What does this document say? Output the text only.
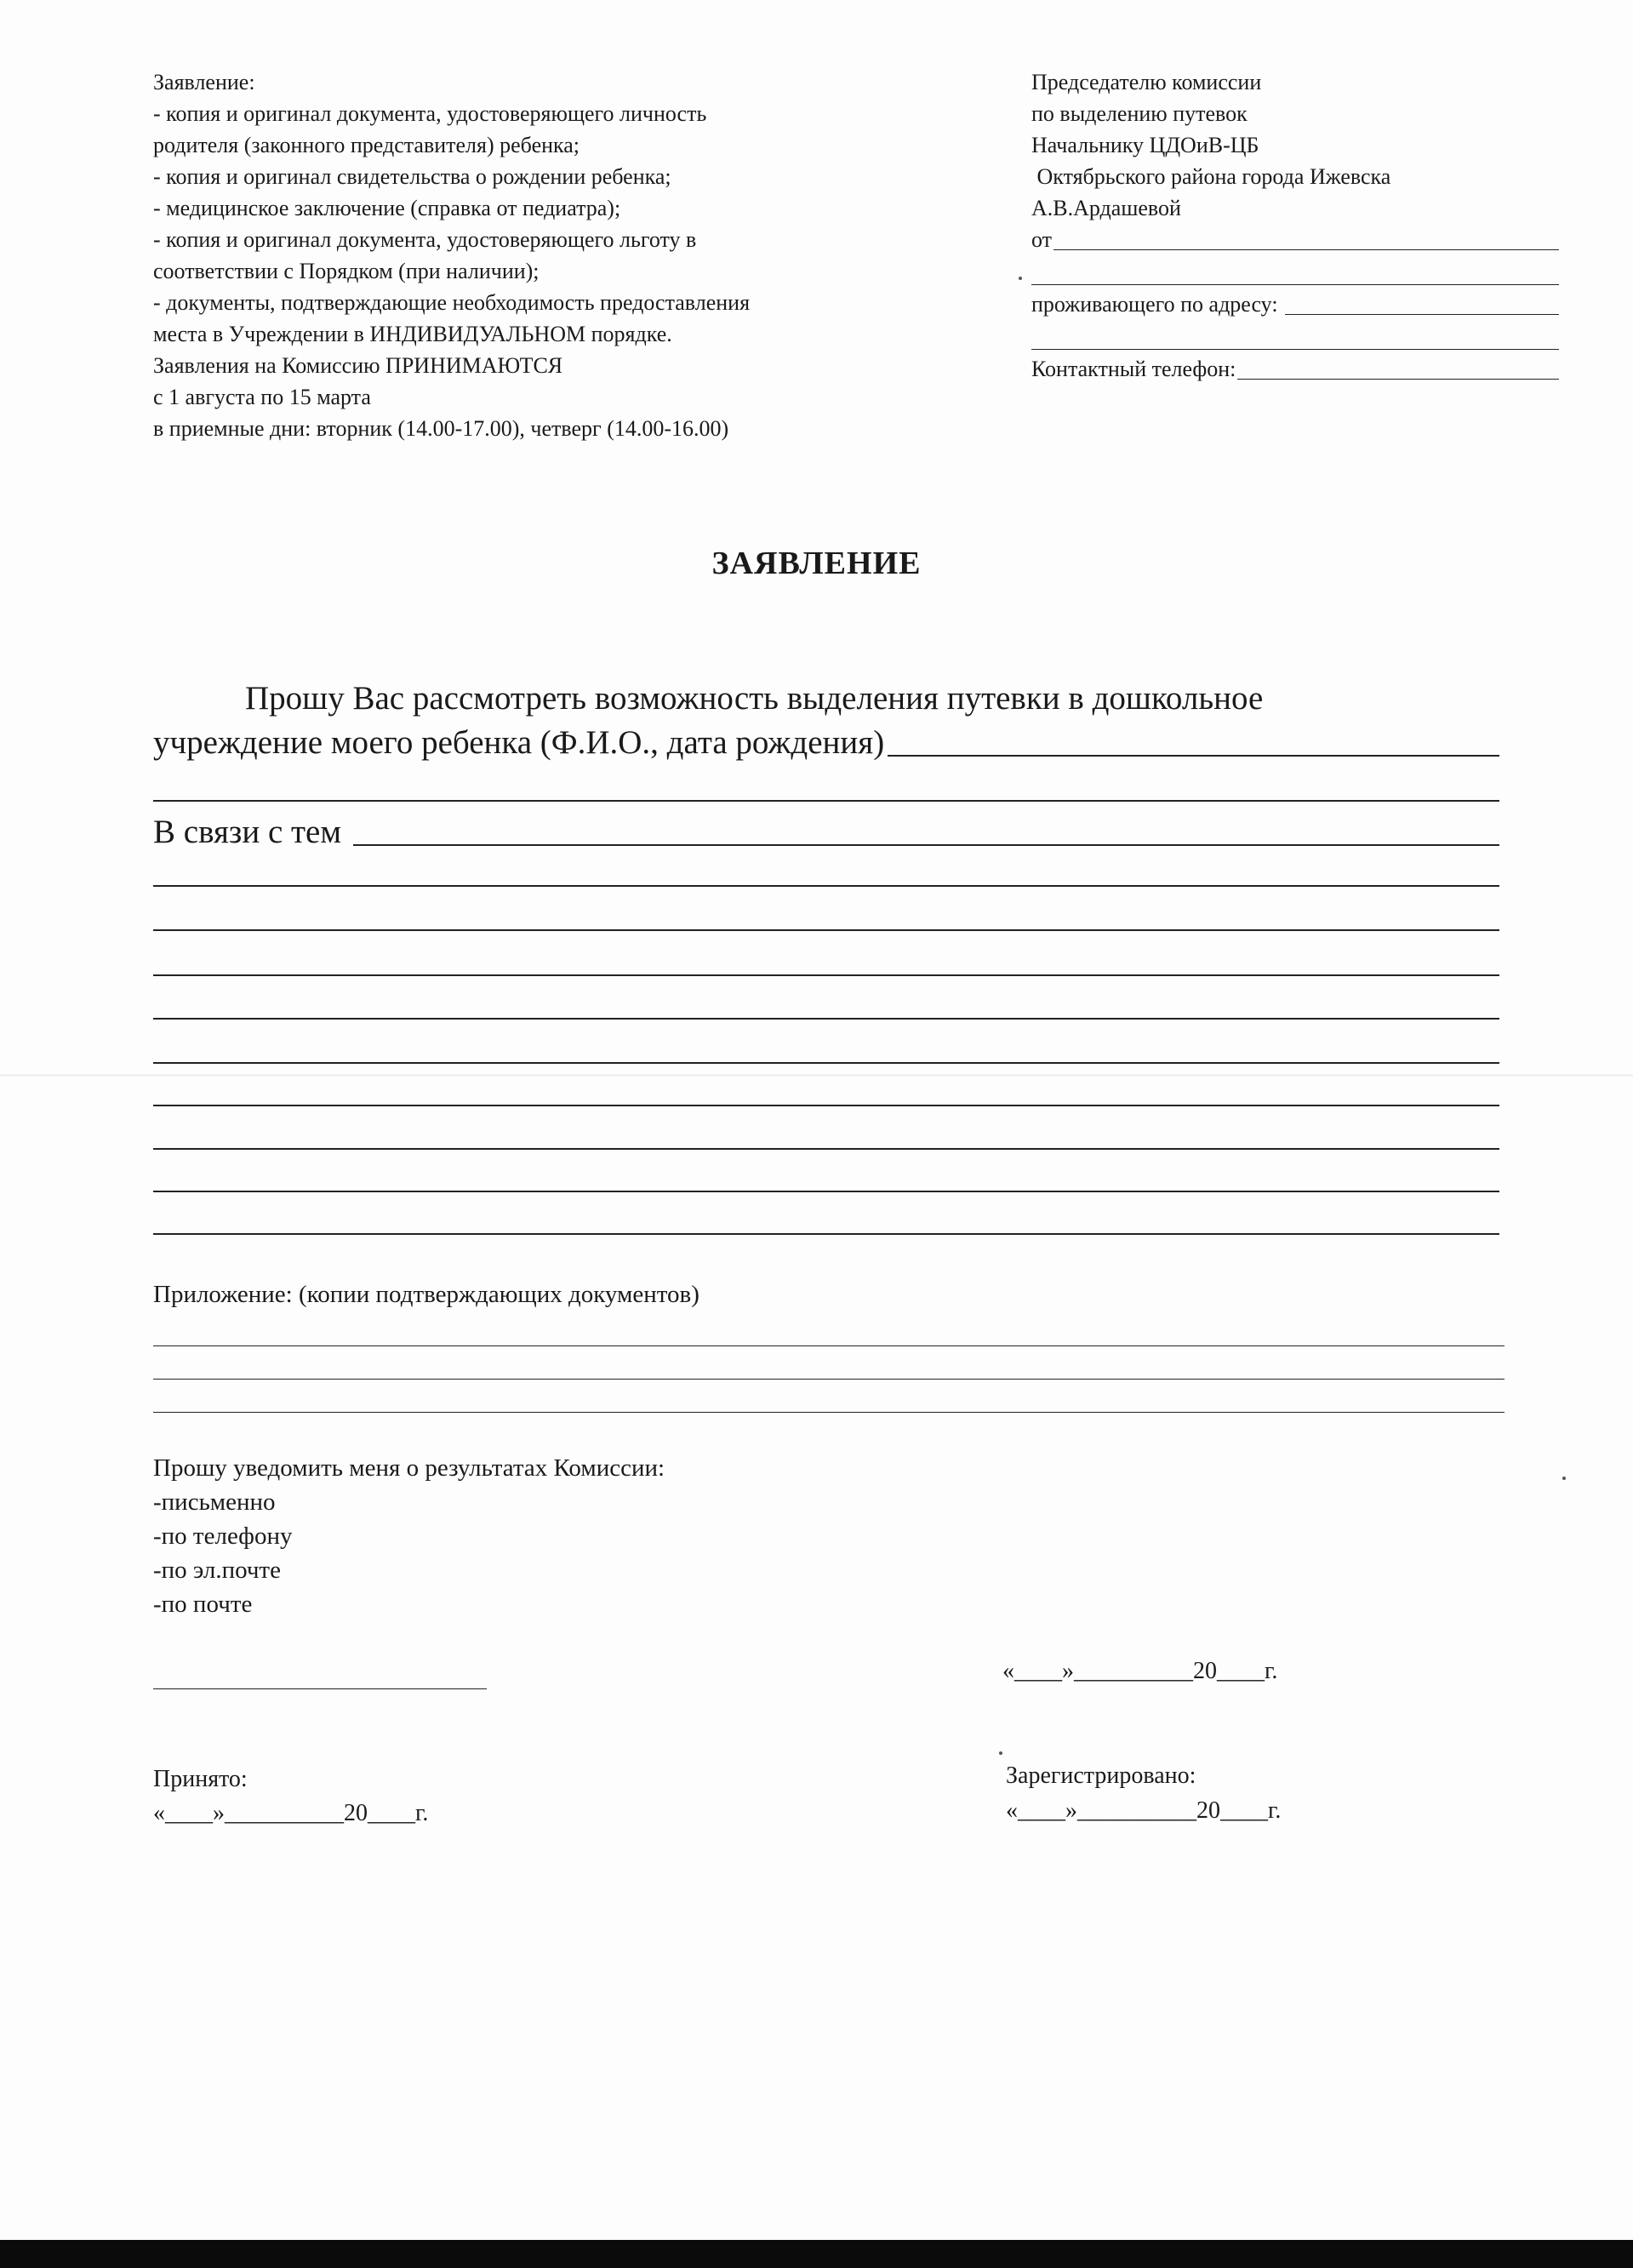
Заявление:
- копия и оригинал документа, удостоверяющего личность
родителя (законного представителя) ребенка;
- копия и оригинал свидетельства о рождении ребенка;
- медицинское заключение (справка от педиатра);
- копия и оригинал документа, удостоверяющего льготу в
соответствии с Порядком (при наличии);
- документы, подтверждающие необходимость предоставления
места в Учреждении в ИНДИВИДУАЛЬНОМ порядке.
Заявления на Комиссию ПРИНИМАЮТСЯ
с 1 августа по 15 марта
в приемные дни: вторник (14.00-17.00), четверг (14.00-16.00)
Председателю комиссии
по выделению путевок
Начальнику ЦДОиВ-ЦБ
Октябрьского района города Ижевска
А.В.Ардашевой
от
проживающего по адресу:
Контактный телефон:
ЗАЯВЛЕНИЕ
Прошу Вас рассмотреть возможность выделения путевки в дошкольное
учреждение моего ребенка (Ф.И.О., дата рождения)
В связи с тем
Приложение: (копии подтверждающих документов)
Прошу уведомить меня о результатах Комиссии:
-письменно
-по телефону
-по эл.почте
-по почте
«____»__________20____г.
Принято:
«____»__________20____г.
Зарегистрировано:
«____»__________20____г.
